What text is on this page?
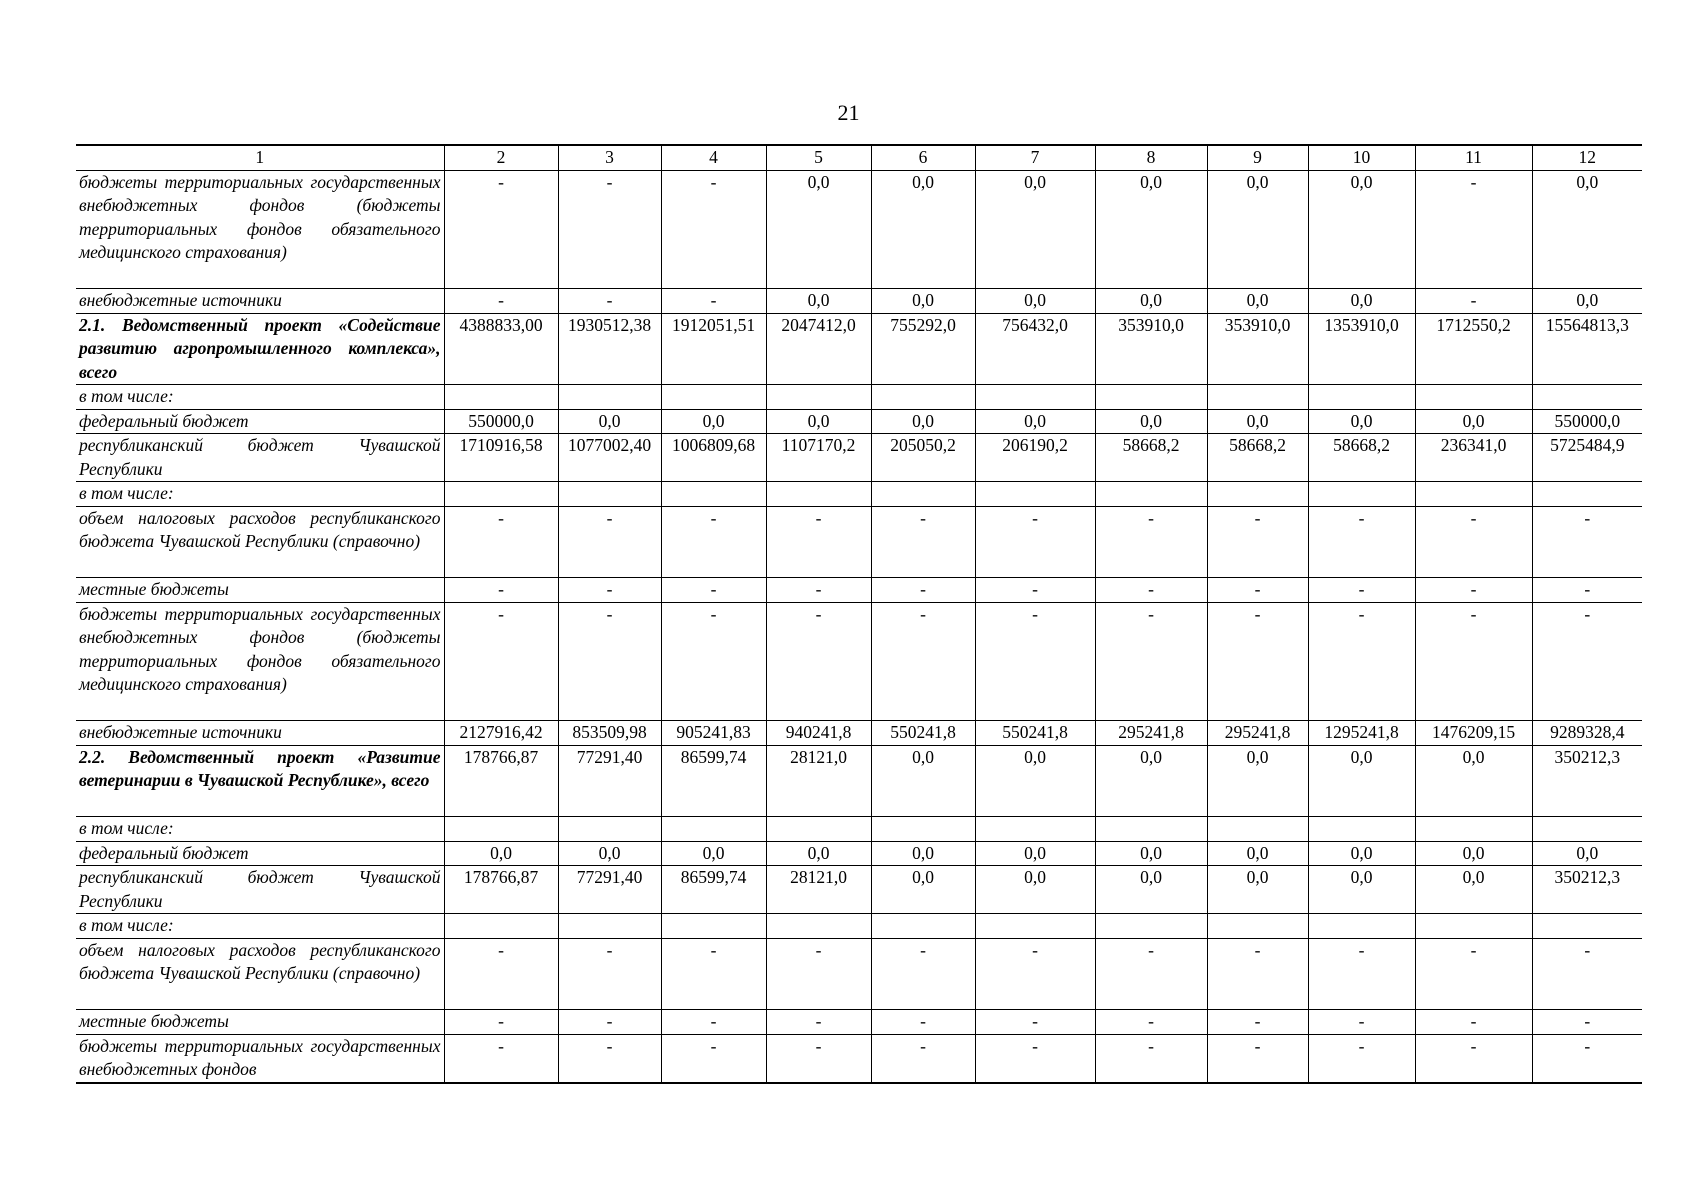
21
1	2	3	4	5	6	7	8	9	10	11	12
бюджеты территориальных государственных внебюджетных фондов (бюджеты территориальных фондов обязательного медицинского страхования)	-	-	-	0,0	0,0	0,0	0,0	0,0	0,0	-	0,0
внебюджетные источники	-	-	-	0,0	0,0	0,0	0,0	0,0	0,0	-	0,0
2.1. Ведомственный проект «Содействие развитию агропромышленного комплекса», всего	4388833,00	1930512,38	1912051,51	2047412,0	755292,0	756432,0	353910,0	353910,0	1353910,0	1712550,2	15564813,3
в том числе:											
федеральный бюджет	550000,0	0,0	0,0	0,0	0,0	0,0	0,0	0,0	0,0	0,0	550000,0
республиканский бюджет Чувашской Республики	1710916,58	1077002,40	1006809,68	1107170,2	205050,2	206190,2	58668,2	58668,2	58668,2	236341,0	5725484,9
в том числе:											
объем налоговых расходов республиканского бюджета Чувашской Республики (справочно)	-	-	-	-	-	-	-	-	-	-	-
местные бюджеты	-	-	-	-	-	-	-	-	-	-	-
бюджеты территориальных государственных внебюджетных фондов (бюджеты территориальных фондов обязательного медицинского страхования)	-	-	-	-	-	-	-	-	-	-	-
внебюджетные источники	2127916,42	853509,98	905241,83	940241,8	550241,8	550241,8	295241,8	295241,8	1295241,8	1476209,15	9289328,4
2.2. Ведомственный проект «Развитие ветеринарии в Чувашской Республике», всего	178766,87	77291,40	86599,74	28121,0	0,0	0,0	0,0	0,0	0,0	0,0	350212,3
в том числе:											
федеральный бюджет	0,0	0,0	0,0	0,0	0,0	0,0	0,0	0,0	0,0	0,0	0,0
республиканский бюджет Чувашской Республики	178766,87	77291,40	86599,74	28121,0	0,0	0,0	0,0	0,0	0,0	0,0	350212,3
в том числе:											
объем налоговых расходов республиканского бюджета Чувашской Республики (справочно)	-	-	-	-	-	-	-	-	-	-	-
местные бюджеты	-	-	-	-	-	-	-	-	-	-	-
бюджеты территориальных государственных внебюджетных фондов	-	-	-	-	-	-	-	-	-	-	-
